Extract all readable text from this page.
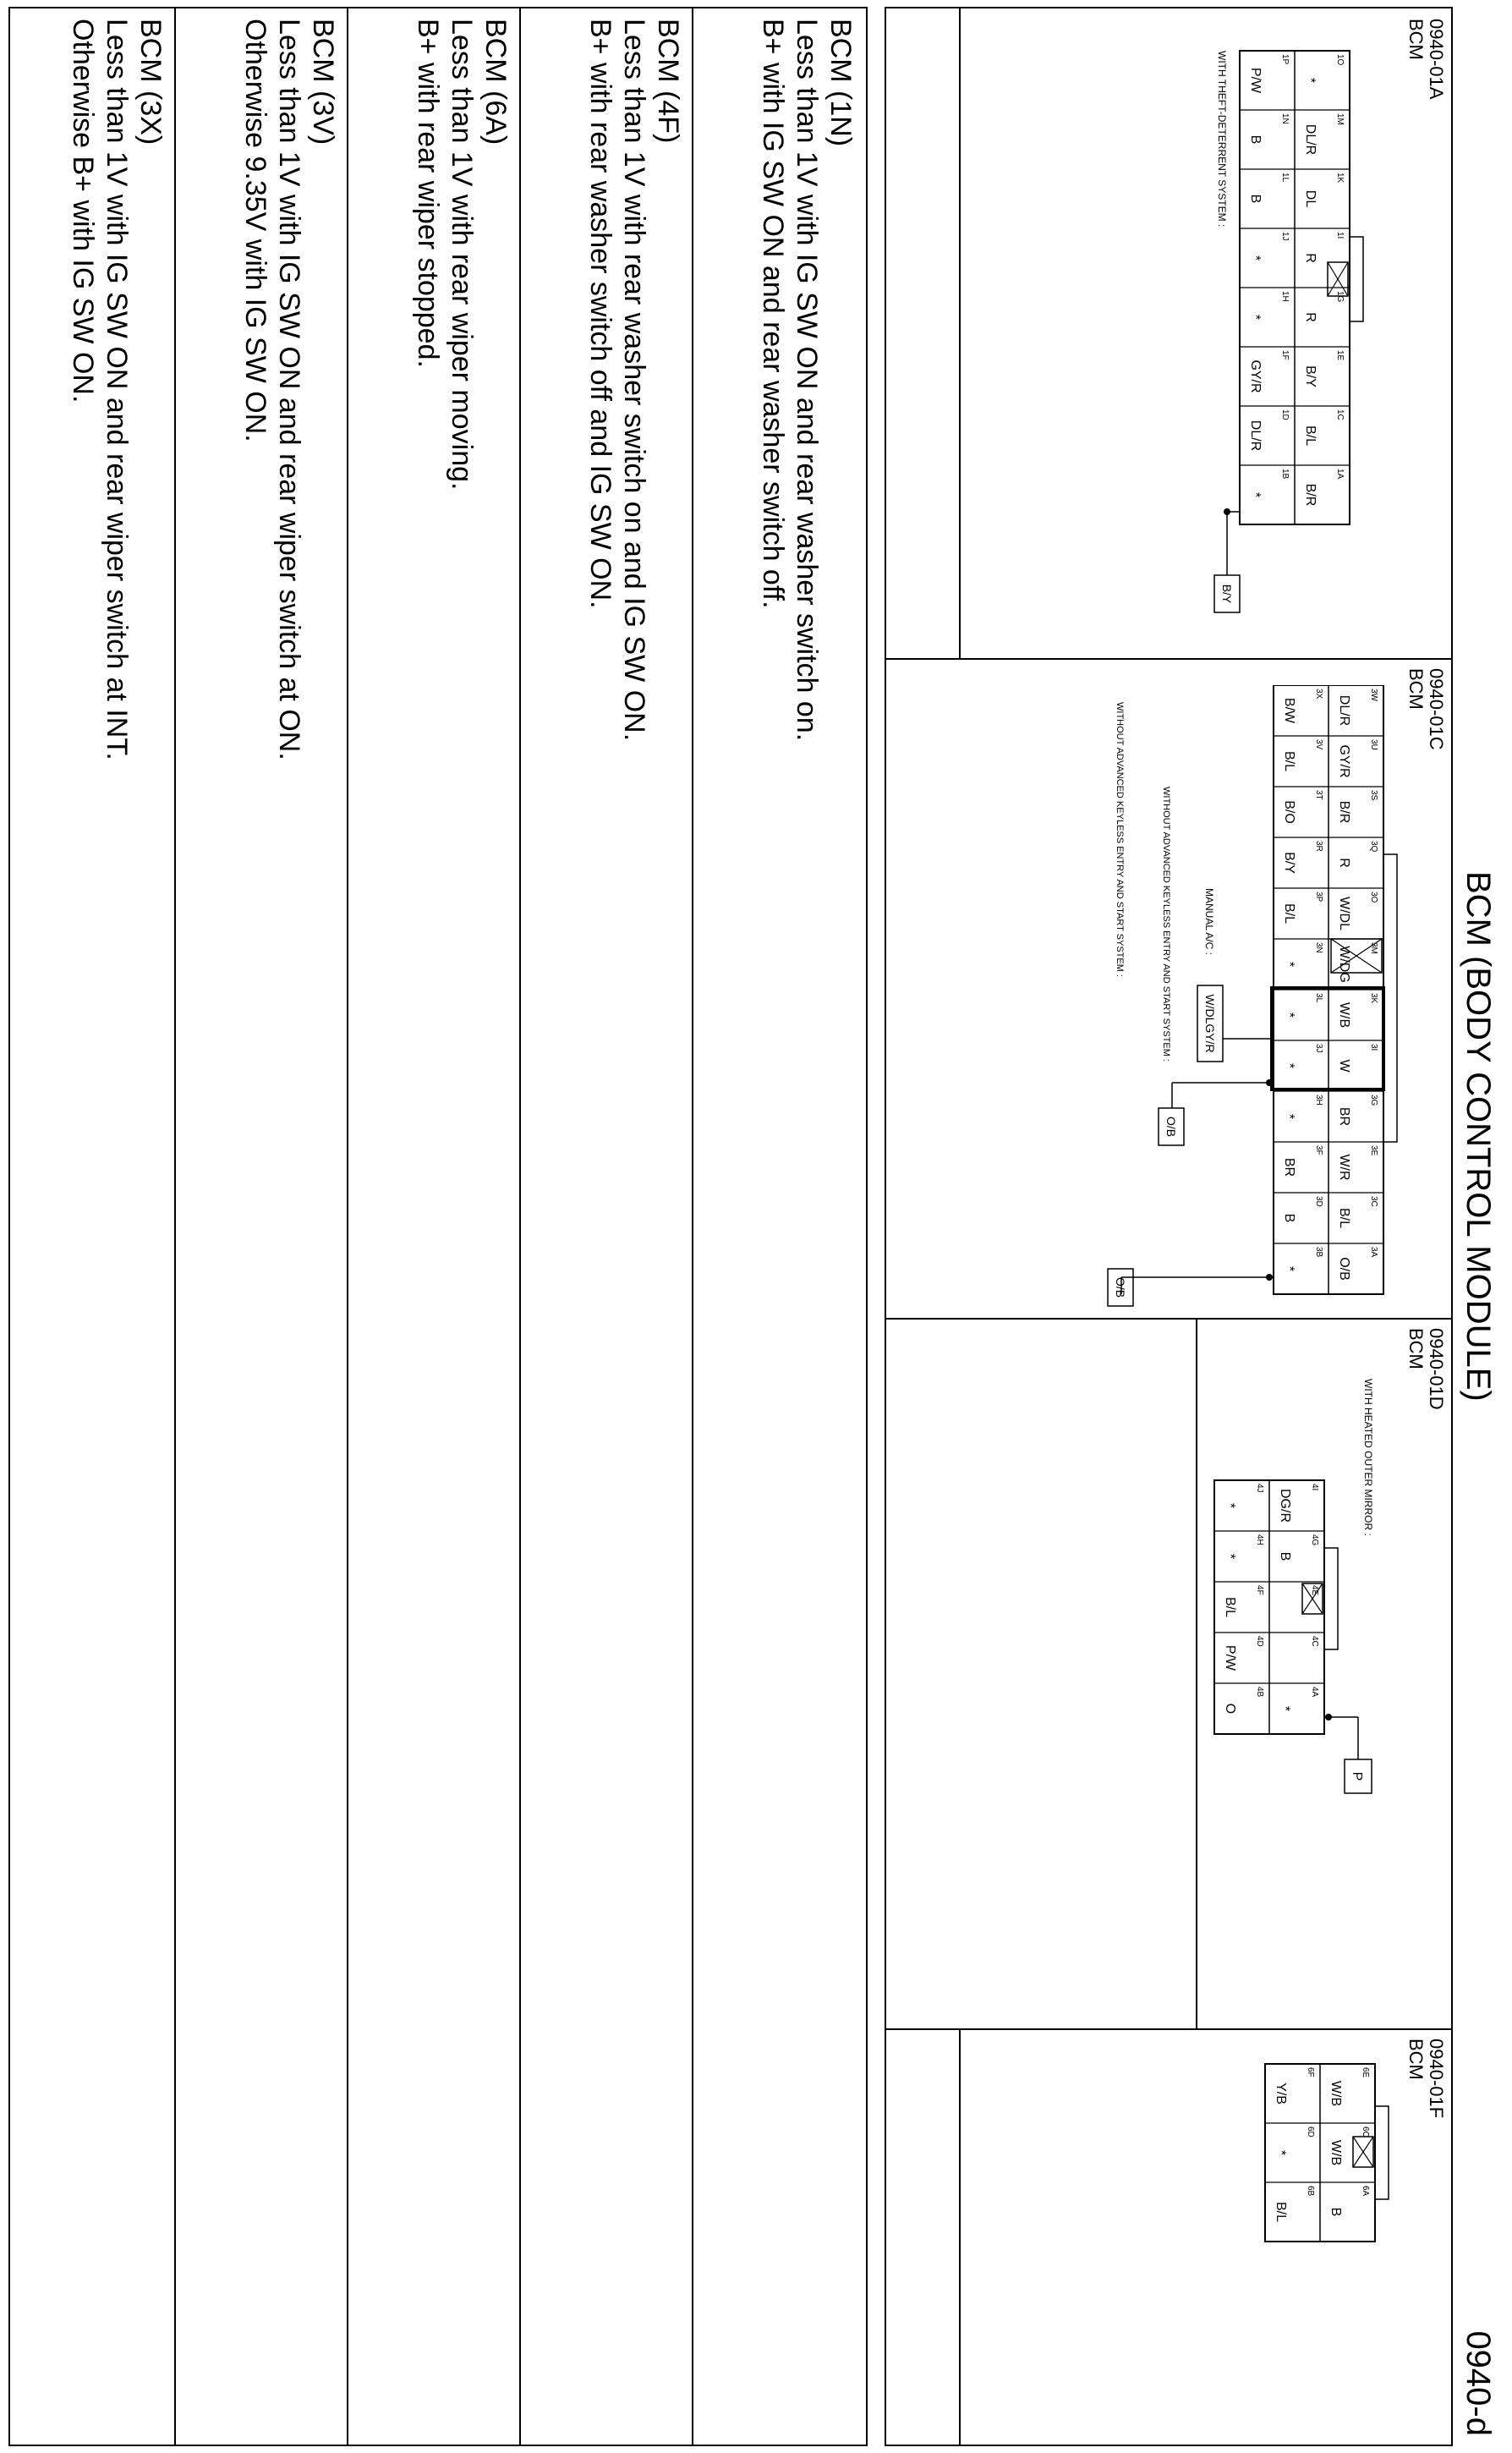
BCM (BODY CONTROL MODULE)
0940-d
0940-01A
BCM
1O
*
1M
DL/R
1K
DL
1I
R
1G
R
1E
B/Y
1C
B/L
1A
B/R
1P
P/W
1N
B
1L
B
1J
*
1H
*
1F
GY/R
1D
DL/R
1B
*
B/Y
WITH THEFT-DETERRENT SYSTEM :
0940-01C
BCM
3W
DL/R
3U
GY/R
3S
B/R
3Q
R
3O
W/DL
3M
W/DG
3K
W/B
3I
W
3G
BR
3E
W/R
3C
B/L
3A
O/B
3X
B/W
3V
B/L
3T
B/O
3R
B/Y
3P
B/L
3N
*
3L
*
3J
*
3H
*
3F
BR
3D
B
3B
*
W/DLGY/R
MANUAL A/C :
O/B
WITHOUT ADVANCED KEYLESS ENTRY AND START SYSTEM :
O/B
WITHOUT ADVANCED KEYLESS ENTRY AND START SYSTEM :
0940-01D
BCM
WITH HEATED OUTER MIRROR :
4I
DG/R
4G
B
4E
4C
4A
*
4J
*
4H
*
4F
B/L
4D
P/W
4B
O
P
0940-01F
BCM
6E
W/B
6C
W/B
6A
B
6F
Y/B
6D
*
6B
B/L
BCM (1N)
Less than 1V with IG SW ON and rear washer switch on.
B+ with IG SW ON and rear washer switch off.
BCM (4F)
Less than 1V with rear washer switch on and IG SW ON.
B+ with rear washer switch off and IG SW ON.
BCM (6A)
Less than 1V with rear wiper moving.
B+ with rear wiper stopped.
BCM (3V)
Less than 1V with IG SW ON and rear wiper switch at ON.
Otherwise 9.35V with IG SW ON.
BCM (3X)
Less than 1V with IG SW ON and rear wiper switch at INT.
Otherwise B+ with IG SW ON.
